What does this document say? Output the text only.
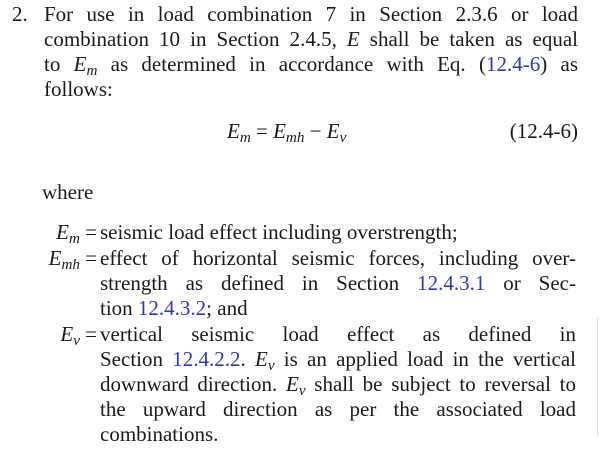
2. For use in load combination 7 in Section 2.3.6 or load
combination 10 in Section 2.4.5, E shall be taken as equal
to $E_m$ as determined in accordance with Eq. (12.4-6) as
follows:
$E_m = E_{mh} - E_v$	(12.4-6)
where
$E_m$ = seismic load effect including overstrength;
$E_{mh}$ = effect of horizontal seismic forces, including over-
strength as defined in Section 12.4.3.1 or Sec-
tion 12.4.3.2; and
$E_v$ = vertical seismic load effect as defined in
Section 12.4.2.2. $E_v$ is an applied load in the vertical
downward direction. $E_v$ shall be subject to reversal to
the upward direction as per the associated load
combinations.
